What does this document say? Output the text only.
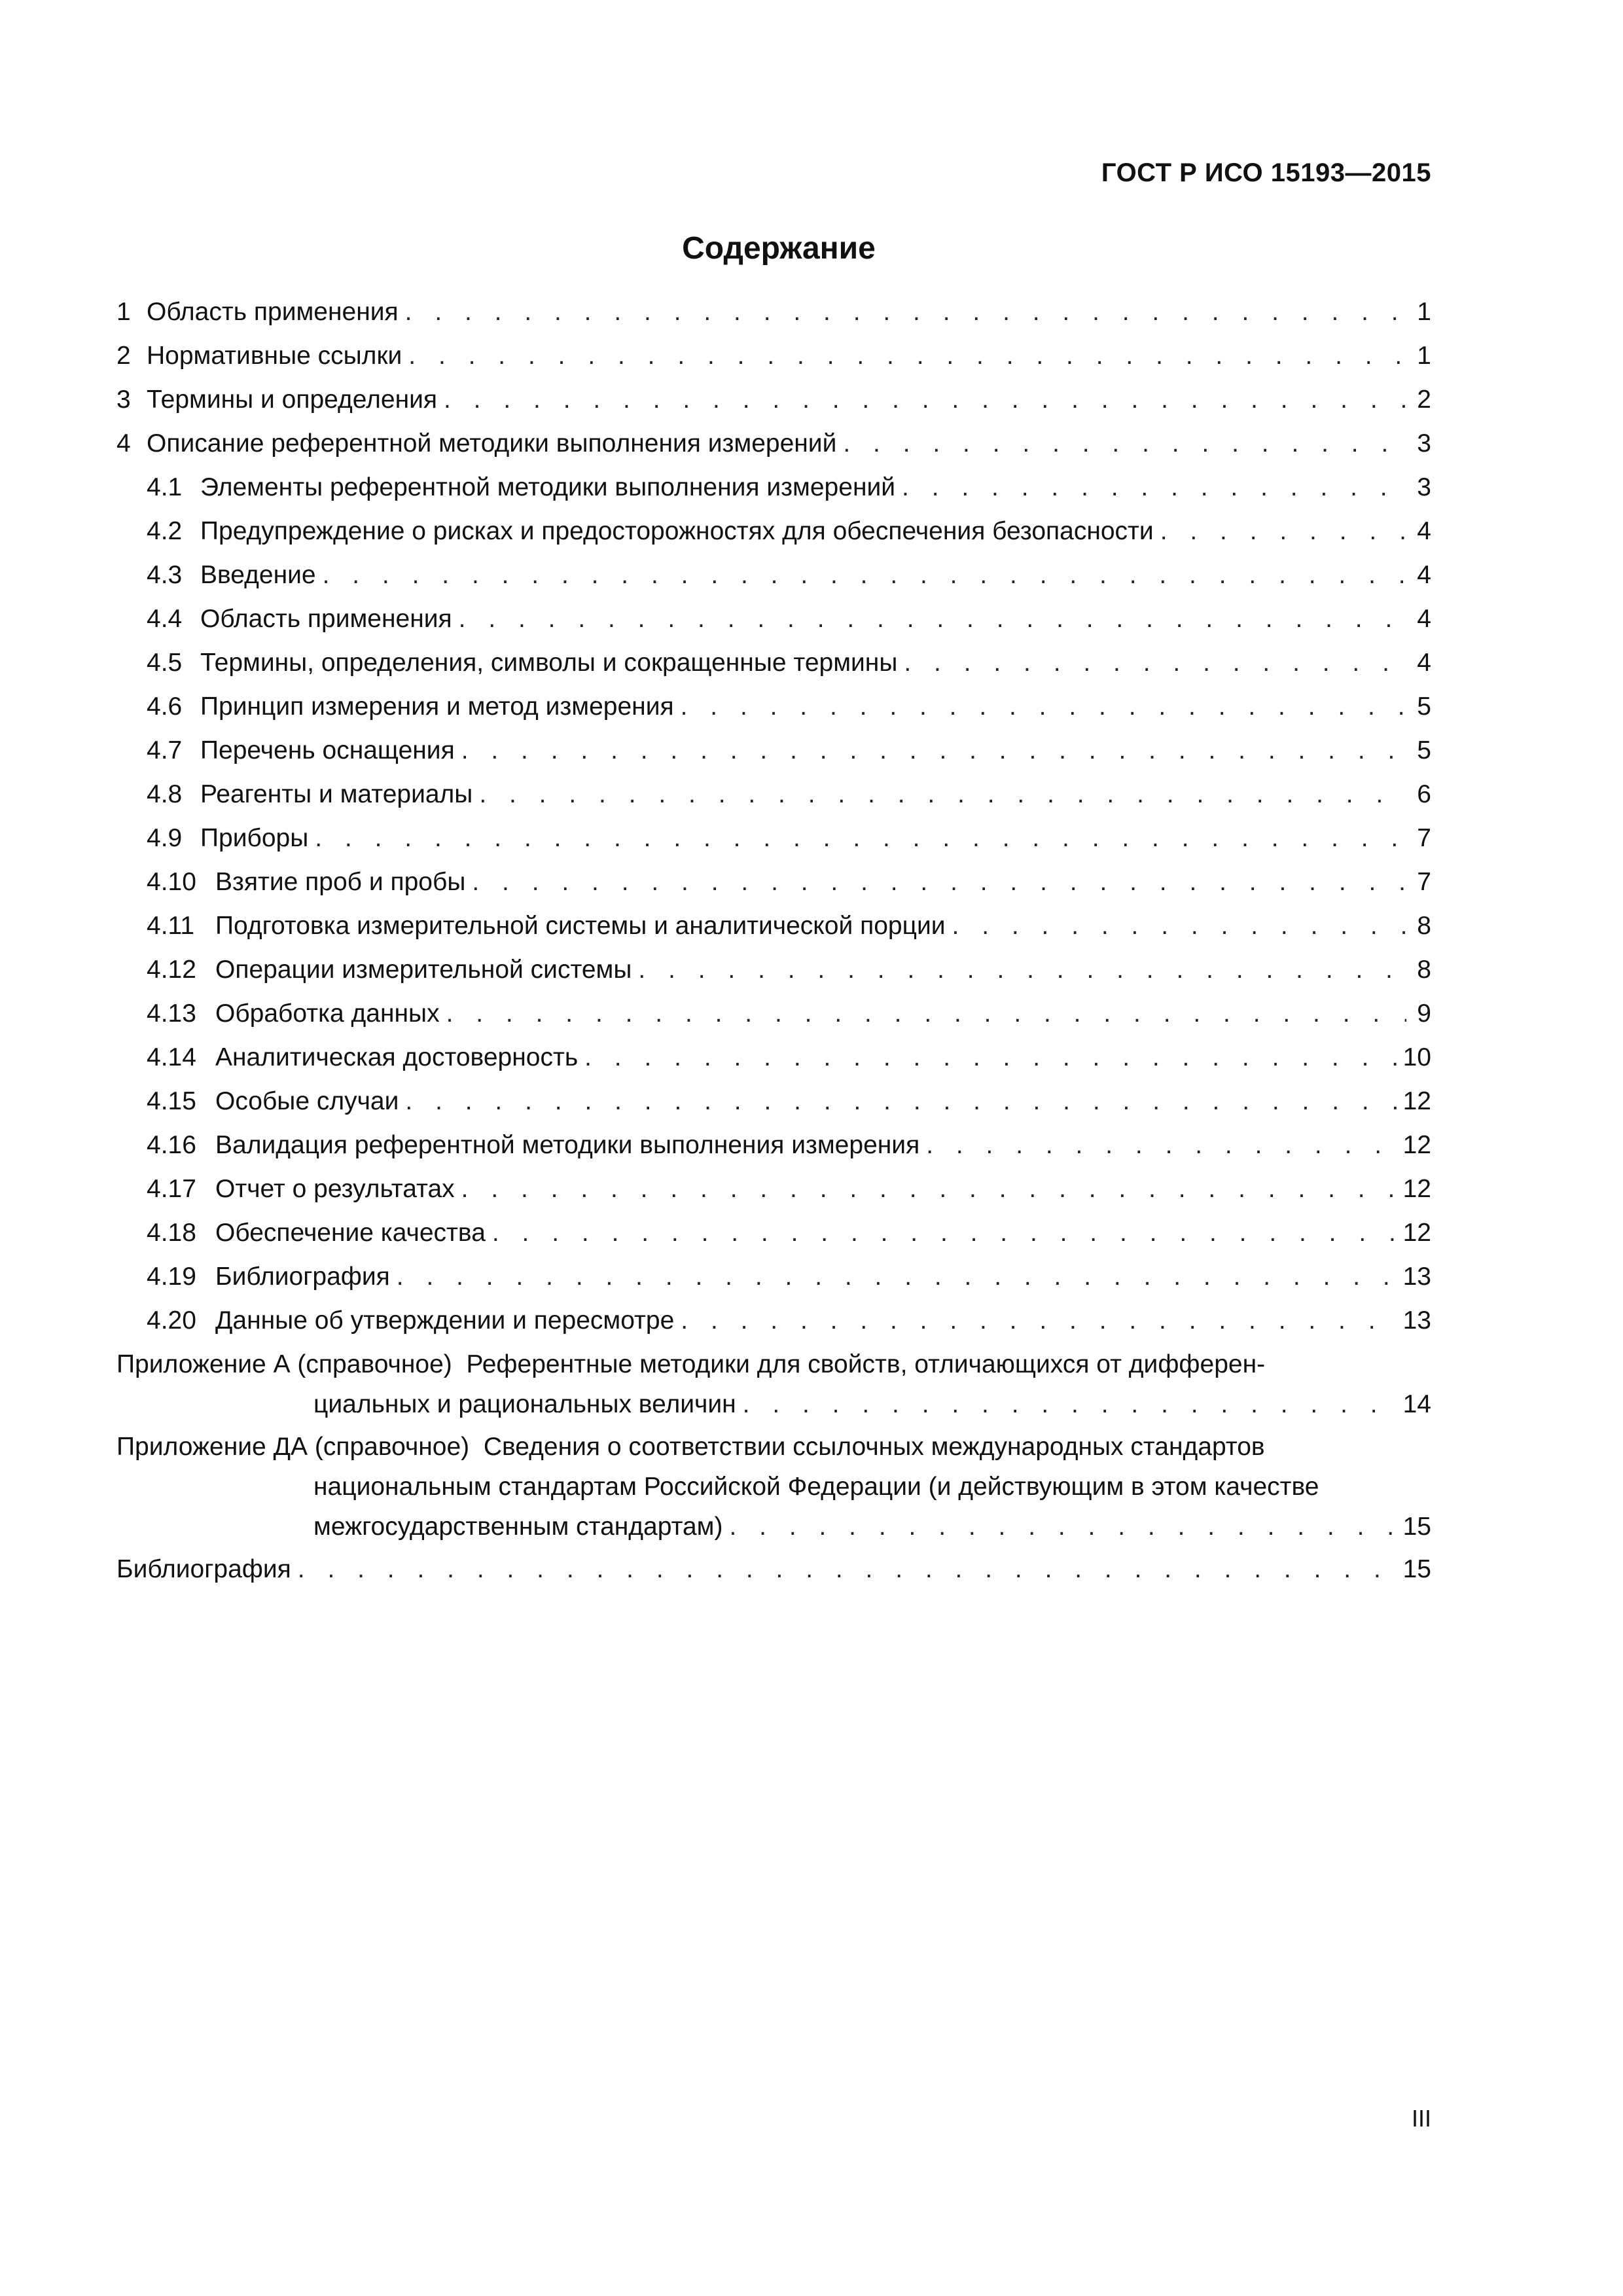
ГОСТ Р ИСО 15193—2015
Содержание
1 Область применения . . .	1
2 Нормативные ссылки . . .	1
3 Термины и определения . . .	2
4 Описание референтной методики выполнения измерений . . .	3
4.1 Элементы референтной методики выполнения измерений . . .	3
4.2 Предупреждение о рисках и предосторожностях для обеспечения безопасности . . .	4
4.3 Введение . . .	4
4.4 Область применения . . .	4
4.5 Термины, определения, символы и сокращенные термины . . .	4
4.6 Принцип измерения и метод измерения . . .	5
4.7 Перечень оснащения . . .	5
4.8 Реагенты и материалы . . .	6
4.9 Приборы . . .	7
4.10 Взятие проб и пробы . . .	7
4.11 Подготовка измерительной системы и аналитической порции . . .	8
4.12 Операции измерительной системы . . .	8
4.13 Обработка данных . . .	9
4.14 Аналитическая достоверность . . .	10
4.15 Особые случаи . . .	12
4.16 Валидация референтной методики выполнения измерения . . .	12
4.17 Отчет о результатах . . .	12
4.18 Обеспечение качества . . .	12
4.19 Библиография . . .	13
4.20 Данные об утверждении и пересмотре . . .	13
Приложение А (справочное) Референтные методики для свойств, отличающихся от дифферен-
циальных и рациональных величин . . .	14
Приложение ДА (справочное) Сведения о соответствии ссылочных международных стандартов
национальным стандартам Российской Федерации (и действующим в этом качестве
межгосударственным стандартам) . . .	15
Библиография . . .	15
III
